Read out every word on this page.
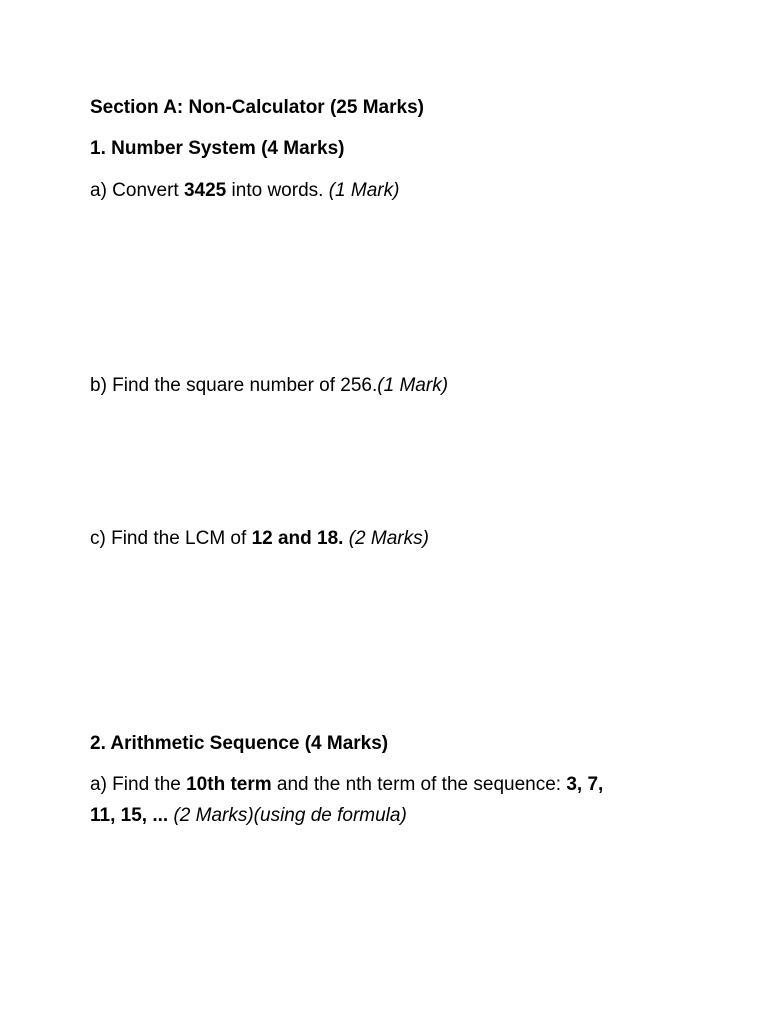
Section A: Non-Calculator (25 Marks)
1. Number System (4 Marks)
a) Convert 3425 into words. (1 Mark)
b) Find the square number of 256.(1 Mark)
c) Find the LCM of 12 and 18. (2 Marks)
2. Arithmetic Sequence (4 Marks)
a) Find the 10th term and the nth term of the sequence: 3, 7,
11, 15, ... (2 Marks)(using de formula)
